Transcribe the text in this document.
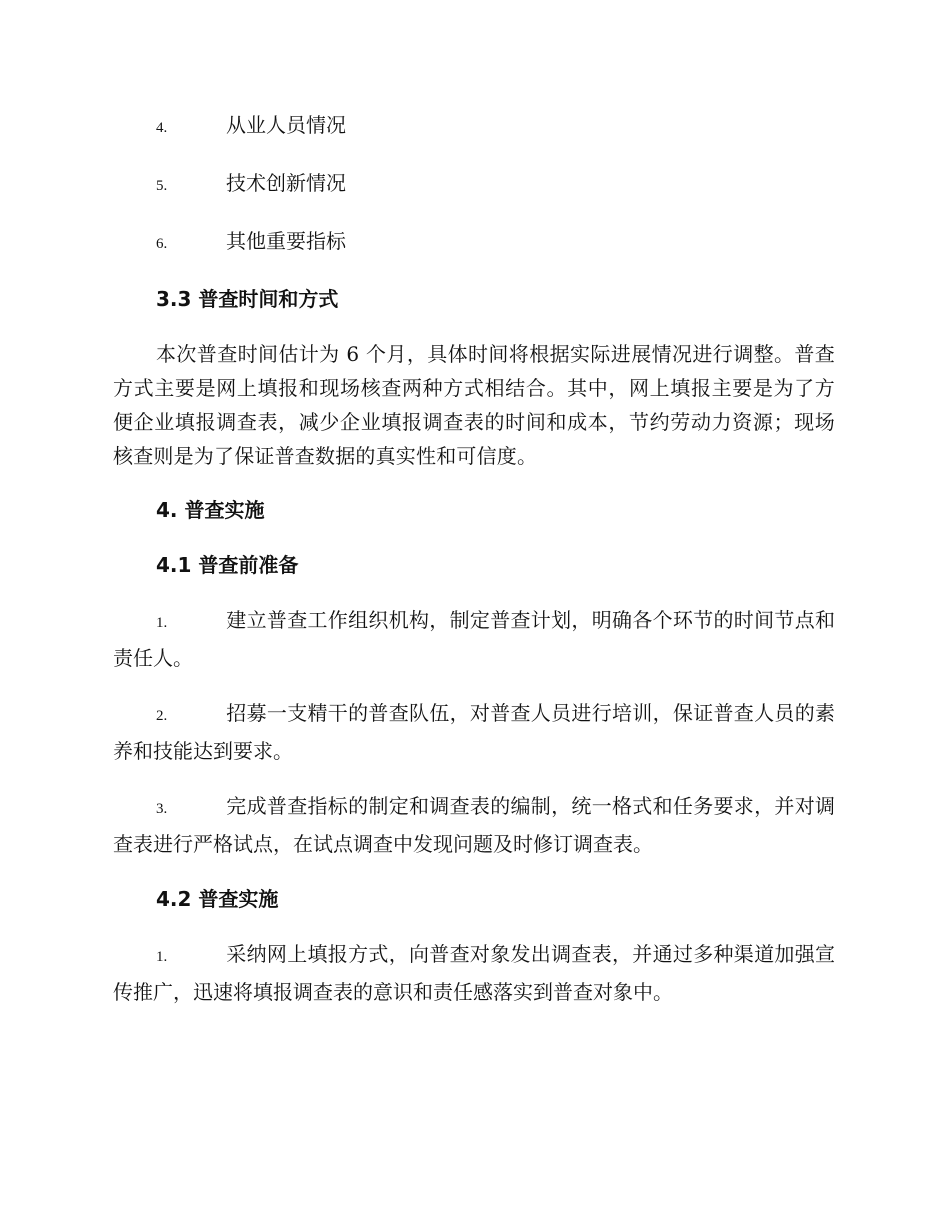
4.	从业人员情况
5.	技术创新情况
6.	其他重要指标
3.3 普查时间和方式

本次普查时间估计为 6 个月，具体时间将根据实际进展情况进行调整。普查方式主要是网上填报和现场核查两种方式相结合。其中，网上填报主要是为了方便企业填报调查表，减少企业填报调查表的时间和成本，节约劳动力资源；现场核查则是为了保证普查数据的真实性和可信度。

4. 普查实施
4.1 普查前准备
1.	建立普查工作组织机构，制定普查计划，明确各个环节的时间节点和责任人。
2.	招募一支精干的普查队伍，对普查人员进行培训，保证普查人员的素养和技能达到要求。
3.	完成普查指标的制定和调查表的编制，统一格式和任务要求，并对调查表进行严格试点，在试点调查中发现问题及时修订调查表。
4.2 普查实施
1.	采纳网上填报方式，向普查对象发出调查表，并通过多种渠道加强宣传推广，迅速将填报调查表的意识和责任感落实到普查对象中。
